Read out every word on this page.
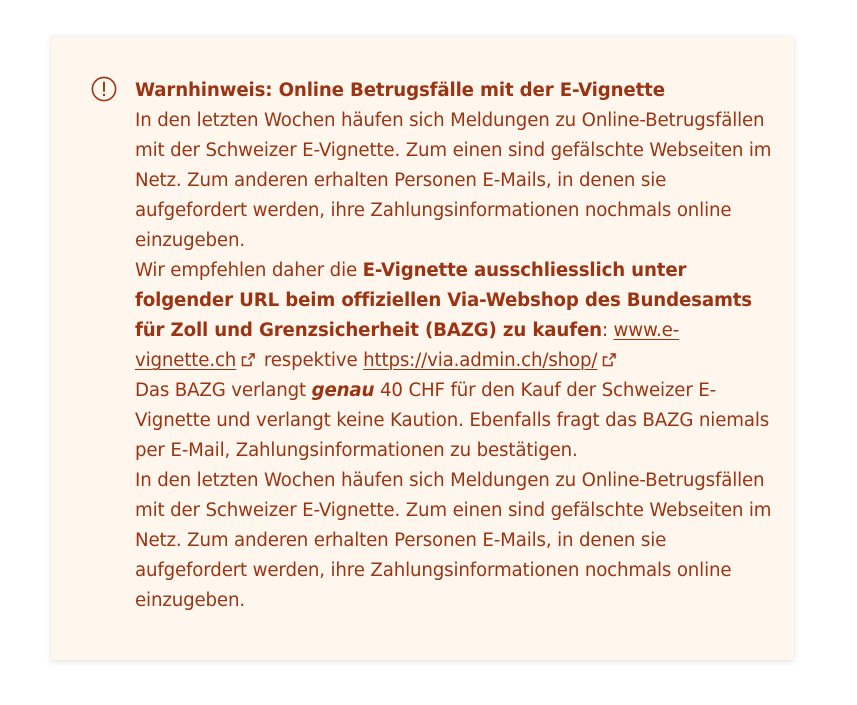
Warnhinweis: Online Betrugsfälle mit der E-Vignette

In den letzten Wochen häufen sich Meldungen zu Online-Betrugsfällen mit der Schweizer E-Vignette. Zum einen sind gefälschte Webseiten im Netz. Zum anderen erhalten Personen E-Mails, in denen sie aufgefordert werden, ihre Zahlungsinformationen nochmals online einzugeben.

Wir empfehlen daher die E-Vignette ausschliesslich unter folgender URL beim offiziellen Via-Webshop des Bundesamts für Zoll und Grenzsicherheit (BAZG) zu kaufen: www.e-vignette.ch respektive https://via.admin.ch/shop/

Das BAZG verlangt genau 40 CHF für den Kauf der Schweizer E-Vignette und verlangt keine Kaution. Ebenfalls fragt das BAZG niemals per E-Mail, Zahlungsinformationen zu bestätigen.

In den letzten Wochen häufen sich Meldungen zu Online-Betrugsfällen mit der Schweizer E-Vignette. Zum einen sind gefälschte Webseiten im Netz. Zum anderen erhalten Personen E-Mails, in denen sie aufgefordert werden, ihre Zahlungsinformationen nochmals online einzugeben.
